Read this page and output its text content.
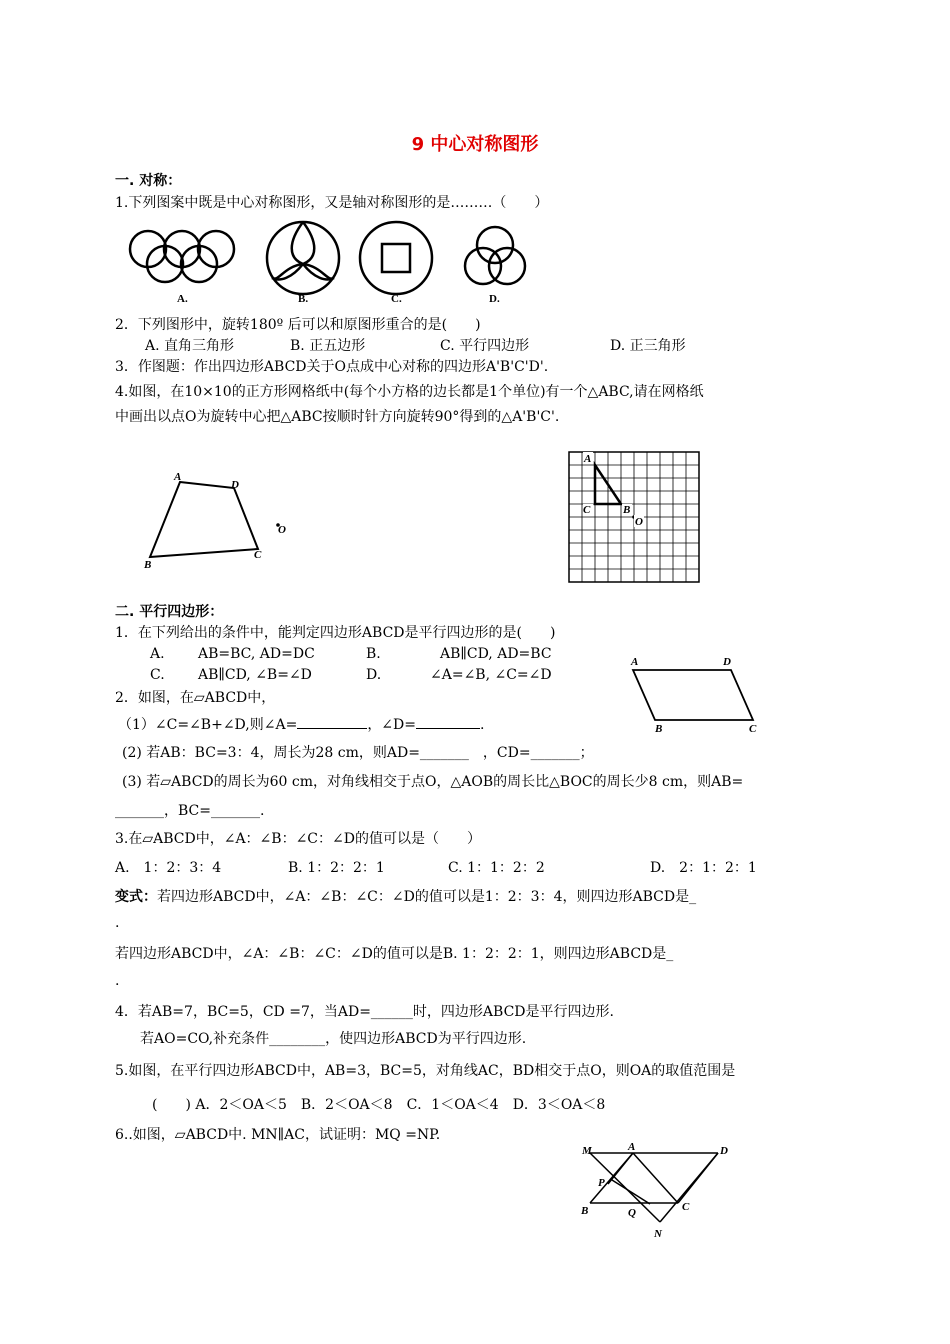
9 中心对称图形
一. 对称：
1.下列图案中既是中心对称图形，又是轴对称图形的是………（　　）
A.	B.	C.	D.
2．下列图形中，旋转180º 后可以和原图形重合的是(　　)
A. 直角三角形	B. 正五边形	C. 平行四边形	D. 正三角形
3．作图题：作出四边形ABCD关于O点成中心对称的四边形A'B'C'D'.
4.如图，在10×10的正方形网格纸中(每个小方格的边长都是1个单位)有一个△ABC,请在网格纸
中画出以点O为旋转中心把△ABC按顺时针方向旋转90°得到的△A'B'C'.
A
D
B
C
O
A
C	B
O
二. 平行四边形：
1．在下列给出的条件中，能判定四边形ABCD是平行四边形的是(　　)
A. AB=BC, AD=DC	B.	AB∥CD, AD=BC
C. AB∥CD, ∠B=∠D	D.	∠A=∠B, ∠C=∠D
2．如图，在▱ABCD中，
（1）∠C=∠B+∠D,则∠A=	，∠D=	.
(2) 若AB：BC=3：4，周长为28 cm，则AD=_______　，CD=_______；
(3) 若▱ABCD的周长为60 cm，对角线相交于点O，△AOB的周长比△BOC的周长少8 cm，则AB=
_______，BC=_______.
A	D
B	C
3.在▱ABCD中，∠A：∠B：∠C：∠D的值可以是（　　）
A.　1：2：3：4	B. 1：2：2：1	C. 1：1：2：2	D.　2：1：2：1
变式：若四边形ABCD中，∠A：∠B：∠C：∠D的值可以是1：2：3：4，则四边形ABCD是_
.
若四边形ABCD中，∠A：∠B：∠C：∠D的值可以是B. 1：2：2：1，则四边形ABCD是_
.
4．若AB=7，BC=5，CD =7，当AD=______时，四边形ABCD是平行四边形.
若AO=CO,补充条件________，使四边形ABCD为平行四边形.
5.如图，在平行四边形ABCD中，AB=3，BC=5，对角线AC，BD相交于点O，则OA的取值范围是
(　　) A．2＜OA＜5　B．2＜OA＜8　C．1＜OA＜4　D．3＜OA＜8
6..如图，▱ABCD中. MN∥AC，试证明：MQ =NP.
M	A	D
P
B	Q	C
N
